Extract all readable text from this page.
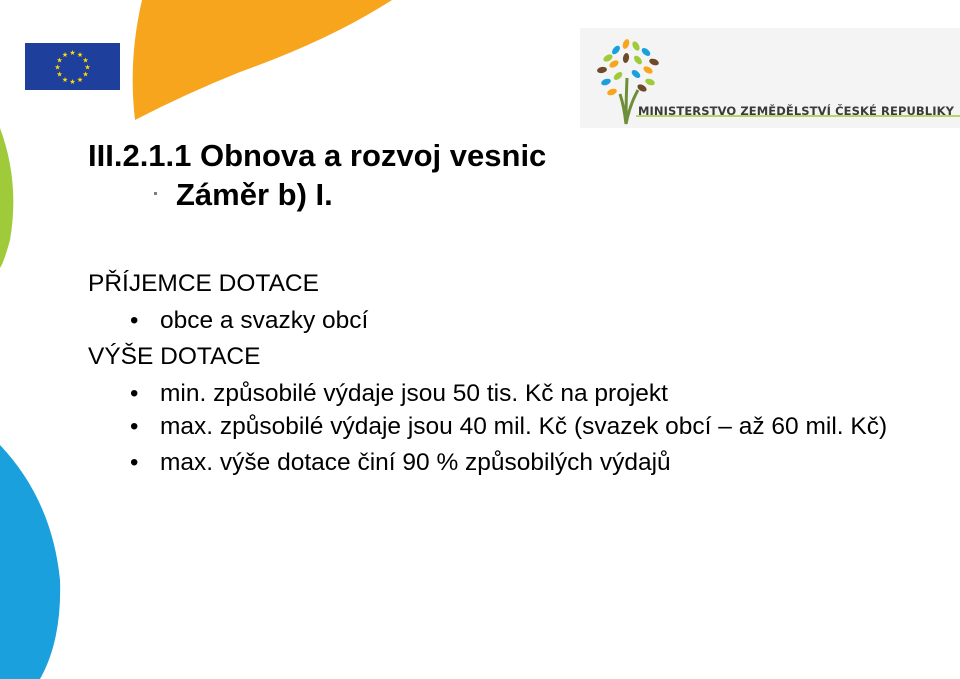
★ ★
★
★
★
★
★
★
★
★
★
★
MINISTERSTVO ZEMĚDĚLSTVÍ ČESKÉ REPUBLIKY
III.2.1.1 Obnova a rozvoj vesnic
Záměr b) I.
PŘÍJEMCE DOTACE
• obce a svazky obcí
VÝŠE DOTACE
• min. způsobilé výdaje jsou 50 tis. Kč na projekt
• max. způsobilé výdaje jsou 40 mil. Kč (svazek obcí – až 60 mil. Kč)
• max. výše dotace činí 90 % způsobilých výdajů
